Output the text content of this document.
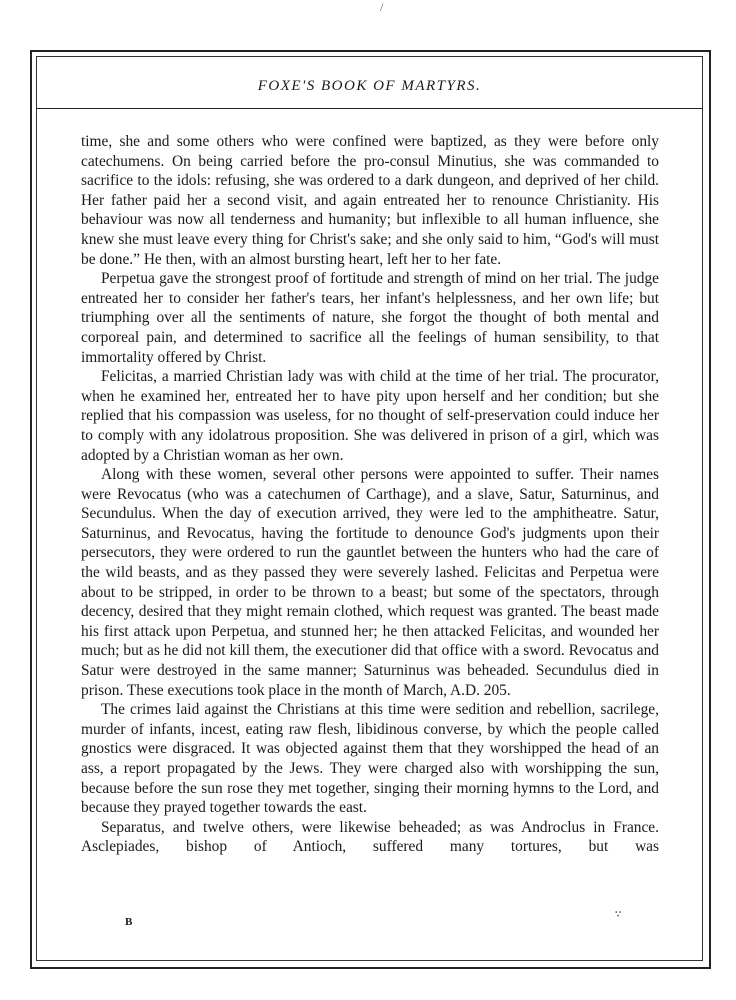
/
FOXE'S BOOK OF MARTYRS.

time, she and some others who were confined were baptized, as they were before only catechumens. On being carried before the pro-consul Minutius, she was commanded to sacrifice to the idols: refusing, she was ordered to a dark dungeon, and deprived of her child. Her father paid her a second visit, and again entreated her to renounce Christianity. His behaviour was now all tenderness and humanity; but inflexible to all human influence, she knew she must leave every thing for Christ's sake; and she only said to him, “God's will must be done.” He then, with an almost bursting heart, left her to her fate.

Perpetua gave the strongest proof of fortitude and strength of mind on her trial. The judge entreated her to consider her father's tears, her infant's helplessness, and her own life; but triumphing over all the sentiments of nature, she forgot the thought of both mental and corporeal pain, and determined to sacrifice all the feelings of human sensibility, to that immortality offered by Christ.

Felicitas, a married Christian lady was with child at the time of her trial. The procurator, when he examined her, entreated her to have pity upon herself and her condition; but she replied that his compassion was useless, for no thought of self-preservation could induce her to comply with any idolatrous proposition. She was delivered in prison of a girl, which was adopted by a Christian woman as her own.

Along with these women, several other persons were appointed to suffer. Their names were Revocatus (who was a catechumen of Carthage), and a slave, Satur, Saturninus, and Secundulus. When the day of execution arrived, they were led to the amphitheatre. Satur, Saturninus, and Revocatus, having the fortitude to denounce God's judgments upon their persecutors, they were ordered to run the gauntlet between the hunters who had the care of the wild beasts, and as they passed they were severely lashed. Felicitas and Perpetua were about to be stripped, in order to be thrown to a beast; but some of the spectators, through decency, desired that they might remain clothed, which request was granted. The beast made his first attack upon Perpetua, and stunned her; he then attacked Felicitas, and wounded her much; but as he did not kill them, the executioner did that office with a sword. Revocatus and Satur were destroyed in the same manner; Saturninus was beheaded. Secundulus died in prison. These executions took place in the month of March, A.D. 205.

The crimes laid against the Christians at this time were sedition and rebellion, sacrilege, murder of infants, incest, eating raw flesh, libidinous converse, by which the people called gnostics were disgraced. It was objected against them that they worshipped the head of an ass, a report propagated by the Jews. They were charged also with worshipping the sun, because before the sun rose they met together, singing their morning hymns to the Lord, and because they prayed together towards the east.

Separatus, and twelve others, were likewise beheaded; as was Androclus in France. Asclepiades, bishop of Antioch, suffered many tortures, but was

B
∵
